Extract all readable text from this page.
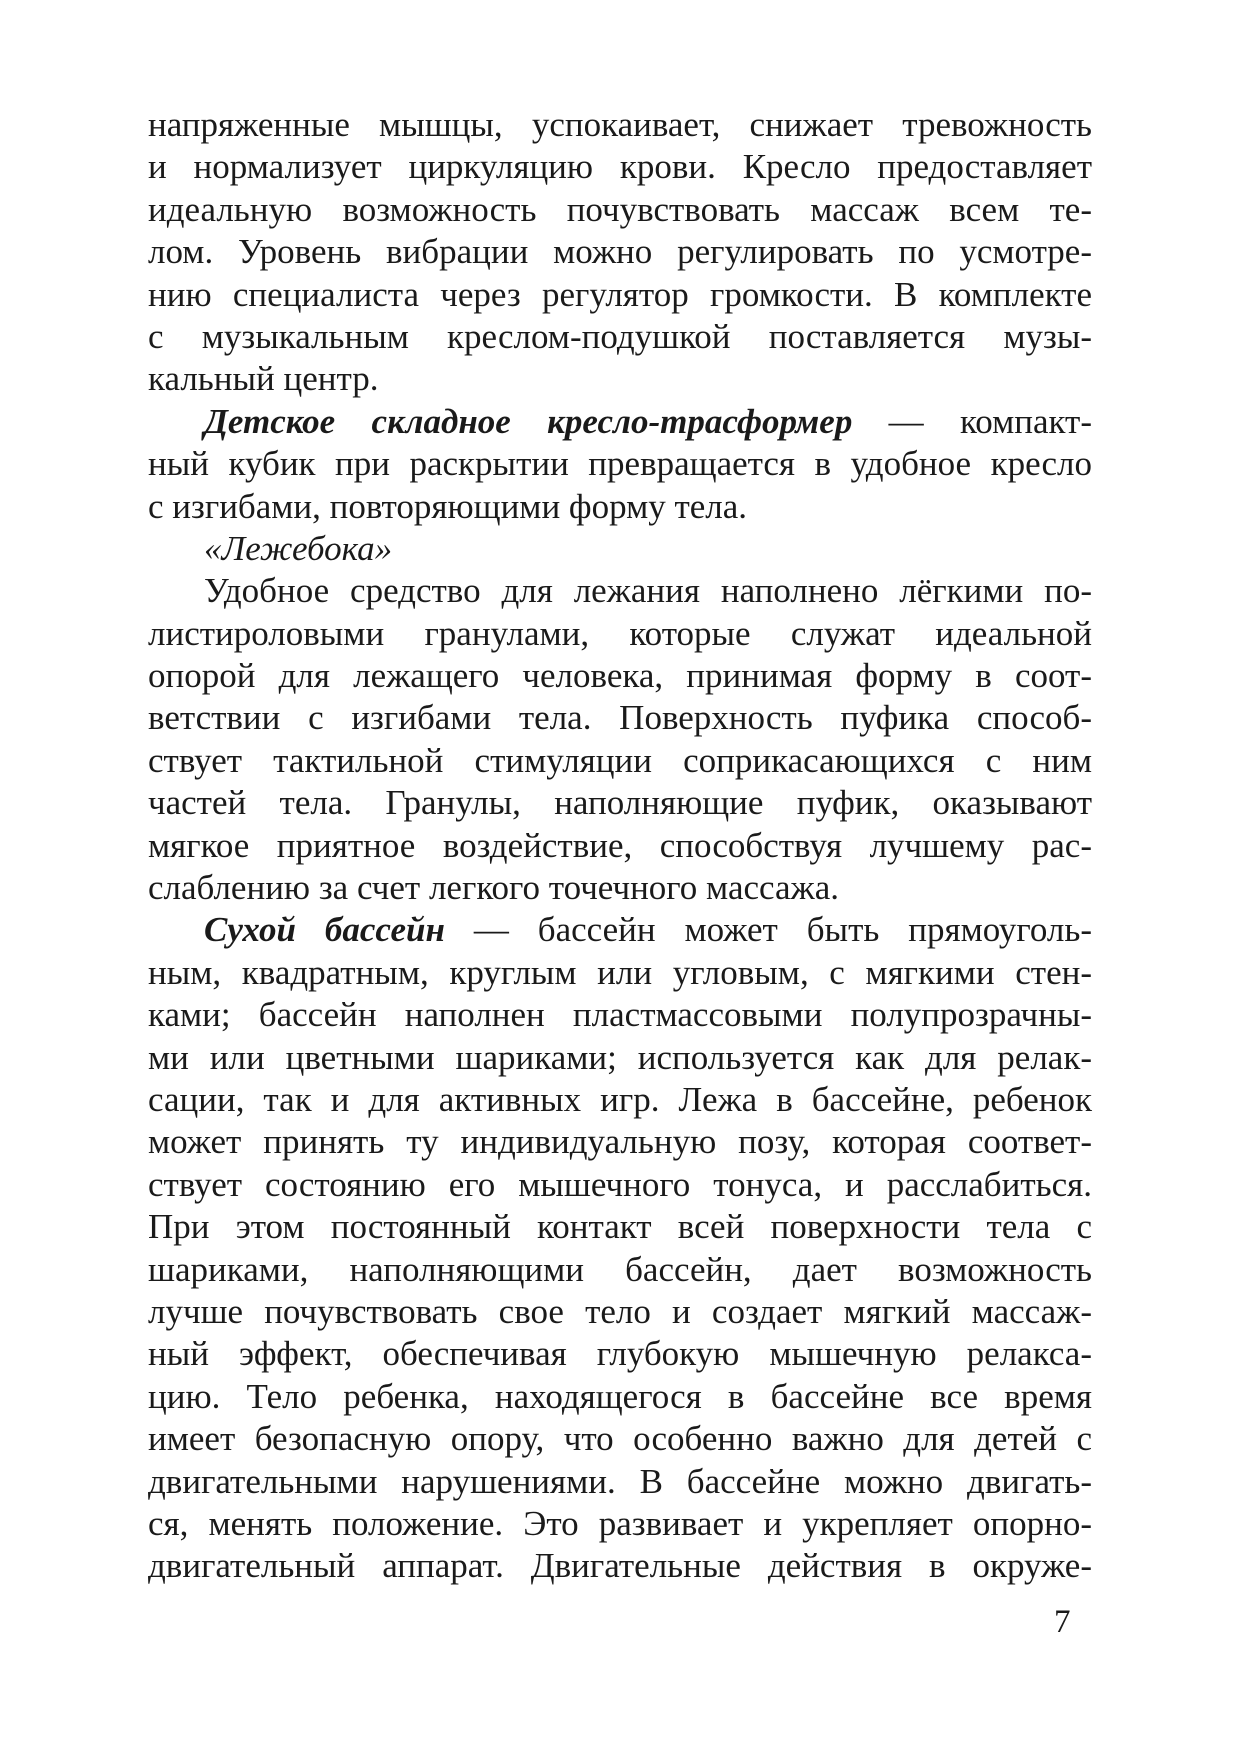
напряженные мышцы, успокаивает, снижает тревожность
и нормализует циркуляцию крови. Кресло предоставляет
идеальную возможность почувствовать массаж всем те-
лом. Уровень вибрации можно регулировать по усмотре-
нию специалиста через регулятор громкости. В комплекте
с музыкальным креслом-подушкой поставляется музы-
кальный центр.
Детское складное кресло-трасформер — компакт-
ный кубик при раскрытии превращается в удобное кресло
с изгибами, повторяющими форму тела.
«Лежебока»
Удобное средство для лежания наполнено лёгкими по-
листироловыми гранулами, которые служат идеальной
опорой для лежащего человека, принимая форму в соот-
ветствии с изгибами тела. Поверхность пуфика способ-
ствует тактильной стимуляции соприкасающихся с ним
частей тела. Гранулы, наполняющие пуфик, оказывают
мягкое приятное воздействие, способствуя лучшему рас-
слаблению за счет легкого точечного массажа.
Сухой бассейн — бассейн может быть прямоуголь-
ным, квадратным, круглым или угловым, с мягкими стен-
ками; бассейн наполнен пластмассовыми полупрозрачны-
ми или цветными шариками; используется как для релак-
сации, так и для активных игр. Лежа в бассейне, ребенок
может принять ту индивидуальную позу, которая соответ-
ствует состоянию его мышечного тонуса, и расслабиться.
При этом постоянный контакт всей поверхности тела с
шариками, наполняющими бассейн, дает возможность
лучше почувствовать свое тело и создает мягкий массаж-
ный эффект, обеспечивая глубокую мышечную релакса-
цию. Тело ребенка, находящегося в бассейне все время
имеет безопасную опору, что особенно важно для детей с
двигательными нарушениями. В бассейне можно двигать-
ся, менять положение. Это развивает и укрепляет опорно-
двигательный аппарат. Двигательные действия в окруже-
7
